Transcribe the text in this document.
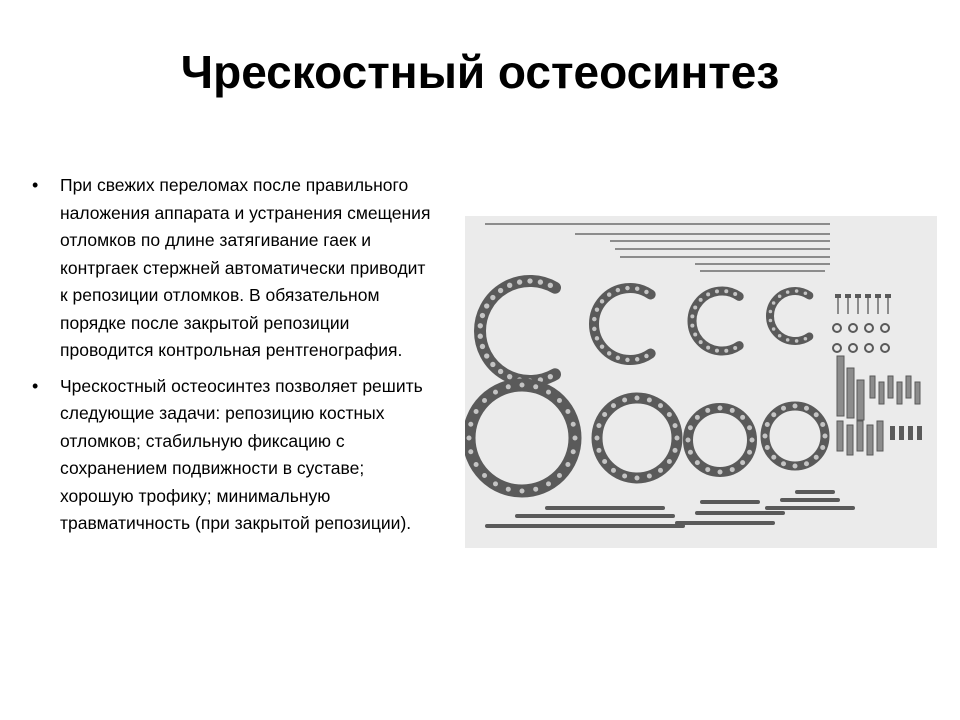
Чрескостный остеосинтез
• При свежих переломах после правильного наложения аппарата и устранения смещения отломков по длине затягивание гаек и контргаек стержней автоматически приводит к репозиции отломков. В обязательном порядке после закрытой репозиции проводится контрольная рентгенография.
• Чрескостный остеосинтез позволяет решить следующие задачи: репозицию костных отломков; стабильную фиксацию с сохранением подвижности в суставе; хорошую трофику; минимальную травматичность (при закрытой репозиции).
